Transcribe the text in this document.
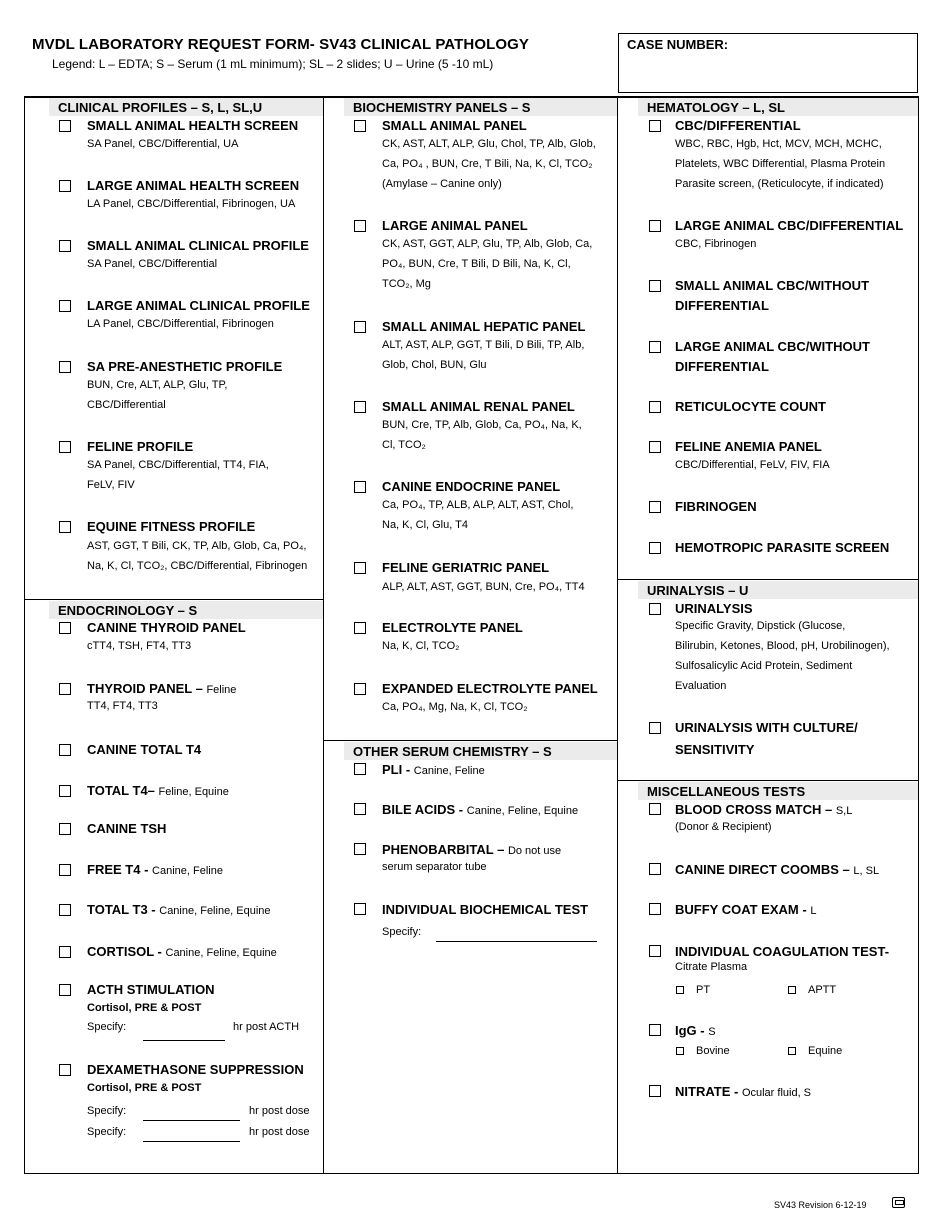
MVDL LABORATORY REQUEST FORM- SV43 CLINICAL PATHOLOGY
Legend: L – EDTA; S – Serum (1 mL minimum); SL – 2 slides; U – Urine (5 -10 mL)
CASE NUMBER:
CLINICAL PROFILES – S, L, SL,U
ENDOCRINOLOGY – S
BIOCHEMISTRY PANELS – S
OTHER SERUM CHEMISTRY – S
HEMATOLOGY – L, SL
URINALYSIS – U
MISCELLANEOUS TESTS
SMALL ANIMAL HEALTH SCREEN
SA Panel, CBC/Differential, UA
LARGE ANIMAL HEALTH SCREEN
LA Panel, CBC/Differential, Fibrinogen, UA
SMALL ANIMAL CLINICAL PROFILE
SA Panel, CBC/Differential
LARGE ANIMAL CLINICAL PROFILE
LA Panel, CBC/Differential, Fibrinogen
SA PRE-ANESTHETIC PROFILE
BUN, Cre, ALT, ALP, Glu, TP,
CBC/Differential
FELINE PROFILE
SA Panel, CBC/Differential, TT4, FIA,
FeLV, FIV
EQUINE FITNESS PROFILE
AST, GGT, T Bili, CK, TP, Alb, Glob, Ca, PO₄,
Na, K, Cl, TCO₂, CBC/Differential, Fibrinogen
CANINE THYROID PANEL
cTT4, TSH, FT4, TT3
THYROID PANEL – Feline
TT4, FT4, TT3
CANINE TOTAL T4
TOTAL T4– Feline, Equine
CANINE TSH
FREE T4 - Canine, Feline
TOTAL T3 - Canine, Feline, Equine
CORTISOL - Canine, Feline, Equine
ACTH STIMULATION
Cortisol, PRE & POST
Specify:	hr post ACTH
DEXAMETHASONE SUPPRESSION
Cortisol, PRE & POST
Specify:	hr post dose
Specify:	hr post dose
SMALL ANIMAL PANEL
CK, AST, ALT, ALP, Glu, Chol, TP, Alb, Glob,
Ca, PO₄ , BUN, Cre, T Bili, Na, K, Cl, TCO₂
(Amylase – Canine only)
LARGE ANIMAL PANEL
CK, AST, GGT, ALP, Glu, TP, Alb, Glob, Ca,
PO₄, BUN, Cre, T Bili, D Bili, Na, K, Cl,
TCO₂, Mg
SMALL ANIMAL HEPATIC PANEL
ALT, AST, ALP, GGT, T Bili, D Bili, TP, Alb,
Glob, Chol, BUN, Glu
SMALL ANIMAL RENAL PANEL
BUN, Cre, TP, Alb, Glob, Ca, PO₄, Na, K,
Cl, TCO₂
CANINE ENDOCRINE PANEL
Ca, PO₄, TP, ALB, ALP, ALT, AST, Chol,
Na, K, Cl, Glu, T4
FELINE GERIATRIC PANEL
ALP, ALT, AST, GGT, BUN, Cre, PO₄, TT4
ELECTROLYTE PANEL
Na, K, Cl, TCO₂
EXPANDED ELECTROLYTE PANEL
Ca, PO₄, Mg, Na, K, Cl, TCO₂
PLI - Canine, Feline
BILE ACIDS - Canine, Feline, Equine
PHENOBARBITAL – Do not use
serum separator tube
INDIVIDUAL BIOCHEMICAL TEST
Specify:
CBC/DIFFERENTIAL
WBC, RBC, Hgb, Hct, MCV, MCH, MCHC,
Platelets, WBC Differential, Plasma Protein
Parasite screen, (Reticulocyte, if indicated)
LARGE ANIMAL CBC/DIFFERENTIAL
CBC, Fibrinogen
SMALL ANIMAL CBC/WITHOUT
DIFFERENTIAL
LARGE ANIMAL CBC/WITHOUT
DIFFERENTIAL
RETICULOCYTE COUNT
FELINE ANEMIA PANEL
CBC/Differential, FeLV, FIV, FIA
FIBRINOGEN
HEMOTROPIC PARASITE SCREEN
URINALYSIS
Specific Gravity, Dipstick (Glucose,
Bilirubin, Ketones, Blood, pH, Urobilinogen),
Sulfosalicylic Acid Protein, Sediment
Evaluation
URINALYSIS WITH CULTURE/
SENSITIVITY
BLOOD CROSS MATCH – S,L
(Donor & Recipient)
CANINE DIRECT COOMBS – L, SL
BUFFY COAT EXAM - L
INDIVIDUAL COAGULATION TEST-
Citrate Plasma
PT	APTT
IgG - S
Bovine	Equine
NITRATE - Ocular fluid, S
SV43 Revision 6-12-19
